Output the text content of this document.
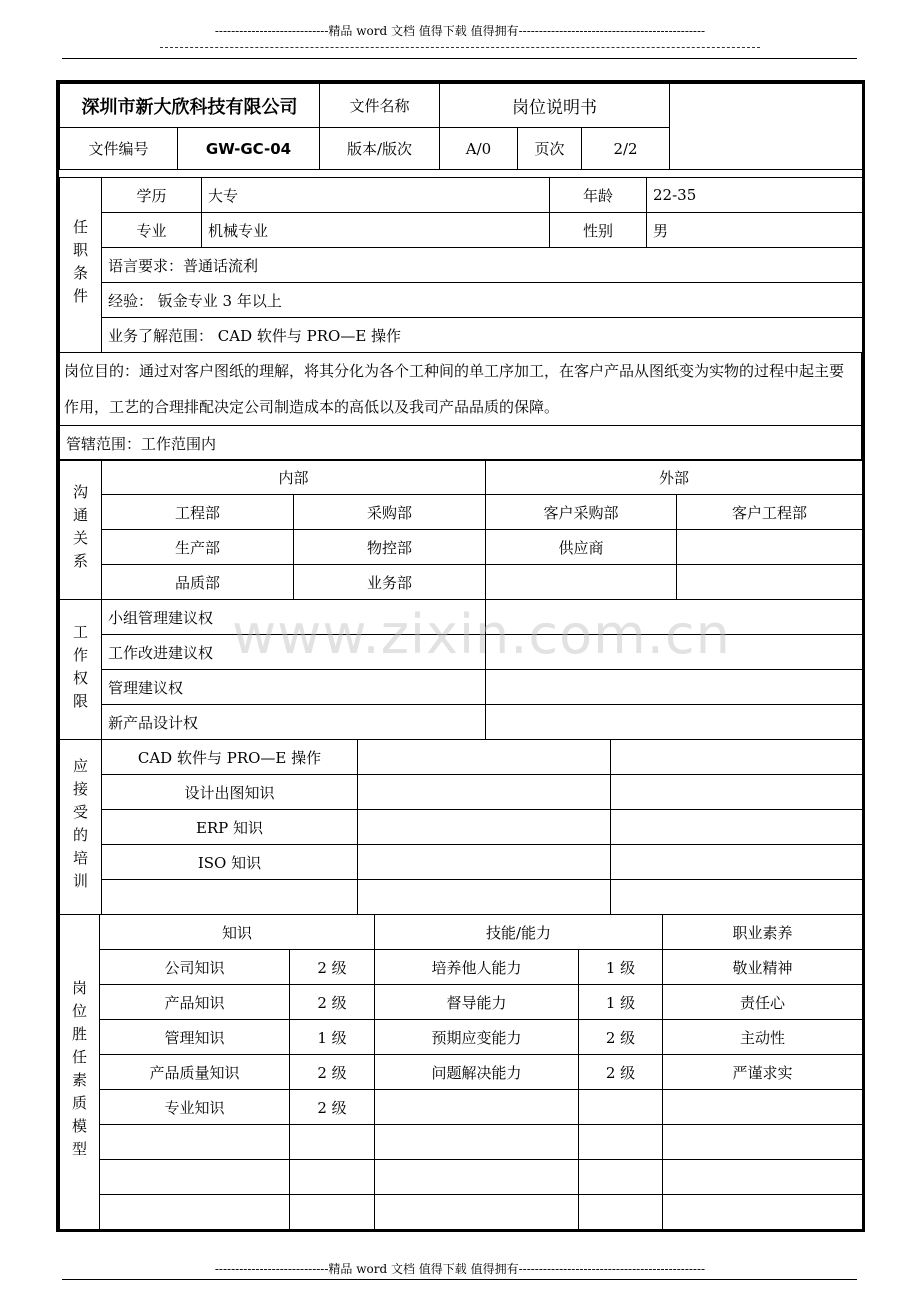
----------------------------精品 word 文档 值得下载 值得拥有----------------------------------------------
深圳市新大欣科技有限公司		文件名称	岗位说明书			
文件编号	GW-GC-04	版本/版次	A/0	页次	2/2	
任职条件	学历	大专	年龄	22-35
	专业	机械专业	性别	男
	语言要求：普通话流利			
	经验： 钣金专业 3 年以上			
	业务了解范围： CAD 软件与 PRO—E 操作			
岗位目的：通过对客户图纸的理解，将其分化为各个工种间的单工序加工，在客户产品从图纸变为实物的过程中起主要作用，工艺的合理排配决定公司制造成本的高低以及我司产品品质的保障。
管辖范围：工作范围内
沟通关系	内部		外部	
	工程部	采购部	客户采购部	客户工程部
	生产部	物控部	供应商	
	品质部	业务部		
工作权限	小组管理建议权	
	工作改进建议权	
	管理建议权	
	新产品设计权	
应接受的培训	CAD 软件与 PRO—E 操作		
	设计出图知识		
	ERP 知识		
	ISO 知识		

岗位胜任素质模型	知识		技能/能力		职业素养
	公司知识	2 级	培养他人能力	1 级	敬业精神
	产品知识	2 级	督导能力	1 级	责任心
	管理知识	1 级	预期应变能力	2 级	主动性
	产品质量知识	2 级	问题解决能力	2 级	严谨求实
	专业知识	2 级			

www.zixin.com.cn
----------------------------精品 word 文档 值得下载 值得拥有----------------------------------------------
